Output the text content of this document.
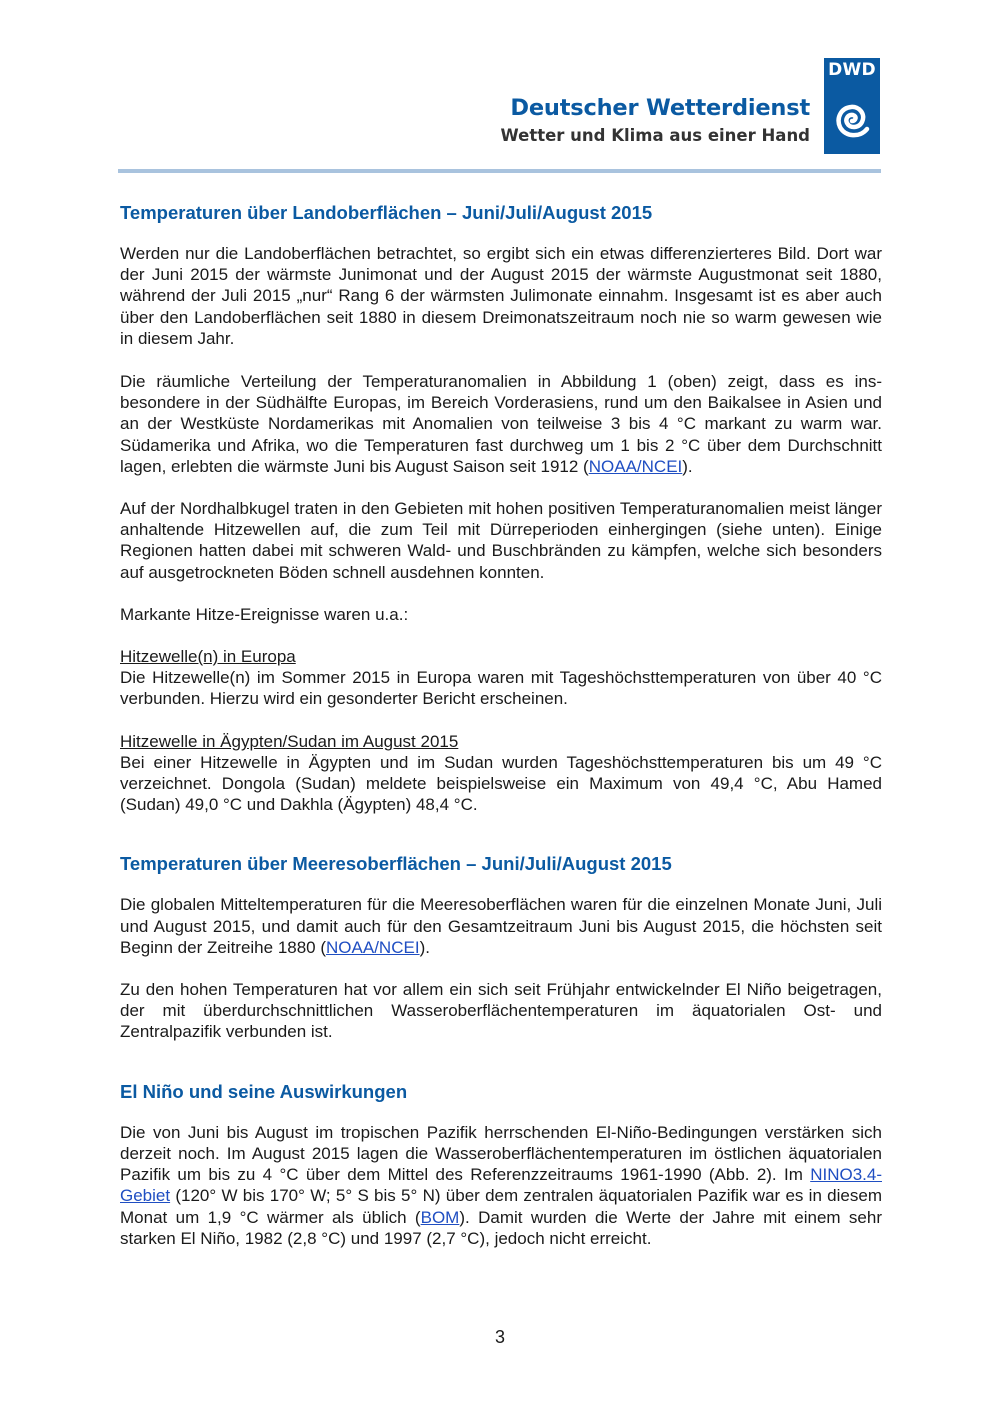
Deutscher Wetterdienst
Wetter und Klima aus einer Hand
DWD
Temperaturen über Landoberflächen – Juni/Juli/August 2015

Werden nur die Landoberflächen betrachtet, so ergibt sich ein etwas differenzierteres Bild. Dort war der Juni 2015 der wärmste Junimonat und der August 2015 der wärmste Augustmonat seit 1880, während der Juli 2015 „nur“ Rang 6 der wärmsten Julimonate einnahm. Insgesamt ist es aber auch über den Landoberflächen seit 1880 in diesem Dreimonatszeitraum noch nie so warm gewesen wie in diesem Jahr.

Die räumliche Verteilung der Temperaturanomalien in Abbildung 1 (oben) zeigt, dass es insbesondere in der Südhälfte Europas, im Bereich Vorderasiens, rund um den Baikalsee in Asien und an der Westküste Nordamerikas mit Anomalien von teilweise 3 bis 4 °C markant zu warm war. Südamerika und Afrika, wo die Temperaturen fast durchweg um 1 bis 2 °C über dem Durchschnitt lagen, erlebten die wärmste Juni bis August Saison seit 1912 (NOAA/NCEI).

Auf der Nordhalbkugel traten in den Gebieten mit hohen positiven Temperaturanomalien meist länger anhaltende Hitzewellen auf, die zum Teil mit Dürreperioden einhergingen (siehe unten). Einige Regionen hatten dabei mit schweren Wald- und Buschbränden zu kämpfen, welche sich besonders auf ausgetrockneten Böden schnell ausdehnen konnten.

Markante Hitze-Ereignisse waren u.a.:

Hitzewelle(n) in Europa

Die Hitzewelle(n) im Sommer 2015 in Europa waren mit Tageshöchsttemperaturen von über 40 °C verbunden. Hierzu wird ein gesonderter Bericht erscheinen.

Hitzewelle in Ägypten/Sudan im August 2015

Bei einer Hitzewelle in Ägypten und im Sudan wurden Tageshöchsttemperaturen bis um 49 °C verzeichnet. Dongola (Sudan) meldete beispielsweise ein Maximum von 49,4 °C, Abu Hamed (Sudan) 49,0 °C und Dakhla (Ägypten) 48,4 °C.

Temperaturen über Meeresoberflächen – Juni/Juli/August 2015

Die globalen Mitteltemperaturen für die Meeresoberflächen waren für die einzelnen Monate Juni, Juli und August 2015, und damit auch für den Gesamtzeitraum Juni bis August 2015, die höchsten seit Beginn der Zeitreihe 1880 (NOAA/NCEI).

Zu den hohen Temperaturen hat vor allem ein sich seit Frühjahr entwickelnder El Niño beigetragen, der mit überdurchschnittlichen Wasseroberflächentemperaturen im äquatorialen Ost- und Zentralpazifik verbunden ist.

El Niño und seine Auswirkungen

Die von Juni bis August im tropischen Pazifik herrschenden El-Niño-Bedingungen verstärken sich derzeit noch. Im August 2015 lagen die Wasseroberflächentemperaturen im östlichen äquatorialen Pazifik um bis zu 4 °C über dem Mittel des Referenzzeitraums 1961-1990 (Abb. 2). Im NINO3.4-Gebiet (120° W bis 170° W; 5° S bis 5° N) über dem zentralen äquatorialen Pazifik war es in diesem Monat um 1,9 °C wärmer als üblich (BOM). Damit wurden die Werte der Jahre mit einem sehr starken El Niño, 1982 (2,8 °C) und 1997 (2,7 °C), jedoch nicht erreicht.

3
